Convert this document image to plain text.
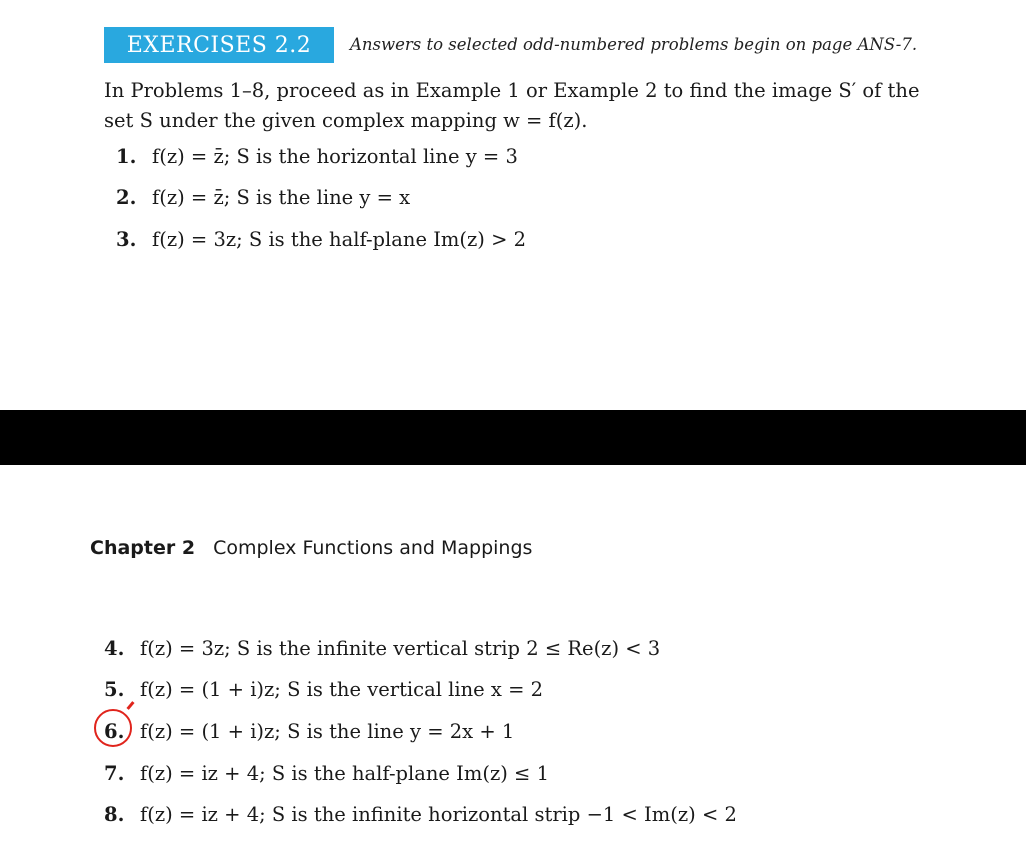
EXERCISES 2.2	Answers to selected odd-numbered problems begin on page ANS-7.
In Problems 1–8, proceed as in Example 1 or Example 2 to find the image S′ of the
set S under the given complex mapping w = f(z).
1. f(z) = z̄; S is the horizontal line y = 3
2. f(z) = z̄; S is the line y = x
3. f(z) = 3z; S is the half-plane Im(z) > 2
Chapter 2 Complex Functions and Mappings
4. f(z) = 3z; S is the infinite vertical strip 2 ≤ Re(z) < 3
5. f(z) = (1 + i)z; S is the vertical line x = 2
6. f(z) = (1 + i)z; S is the line y = 2x + 1
7. f(z) = iz + 4; S is the half-plane Im(z) ≤ 1
8. f(z) = iz + 4; S is the infinite horizontal strip −1 < Im(z) < 2
